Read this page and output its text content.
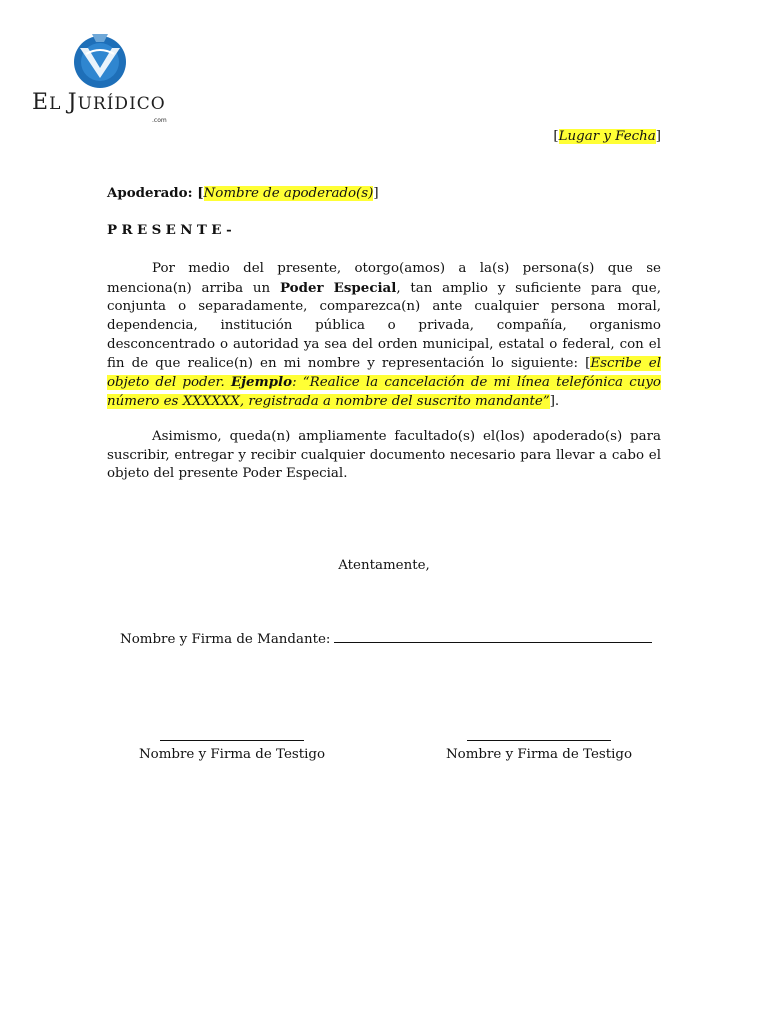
EL JURÍDICO
.com
[Lugar y Fecha]
Apoderado: [Nombre de apoderado(s)]
PRESENTE-

Por medio del presente, otorgo(amos) a la(s) persona(s) que se menciona(n) arriba un Poder Especial, tan amplio y suficiente para que, conjunta o separadamente, comparezca(n) ante cualquier persona moral, dependencia, institución pública o privada, compañía, organismo desconcentrado o autoridad ya sea del orden municipal, estatal o federal, con el fin de que realice(n) en mi nombre y representación lo siguiente: [Escribe el objeto del poder. Ejemplo: “Realice la cancelación de mi línea telefónica cuyo número es XXXXXX, registrada a nombre del suscrito mandante”].

Asimismo, queda(n) ampliamente facultado(s) el(los) apoderado(s) para suscribir, entregar y recibir cualquier documento necesario para llevar a cabo el objeto del presente Poder Especial.

Atentamente,
Nombre y Firma de Mandante:
Nombre y Firma de Testigo	Nombre y Firma de Testigo
